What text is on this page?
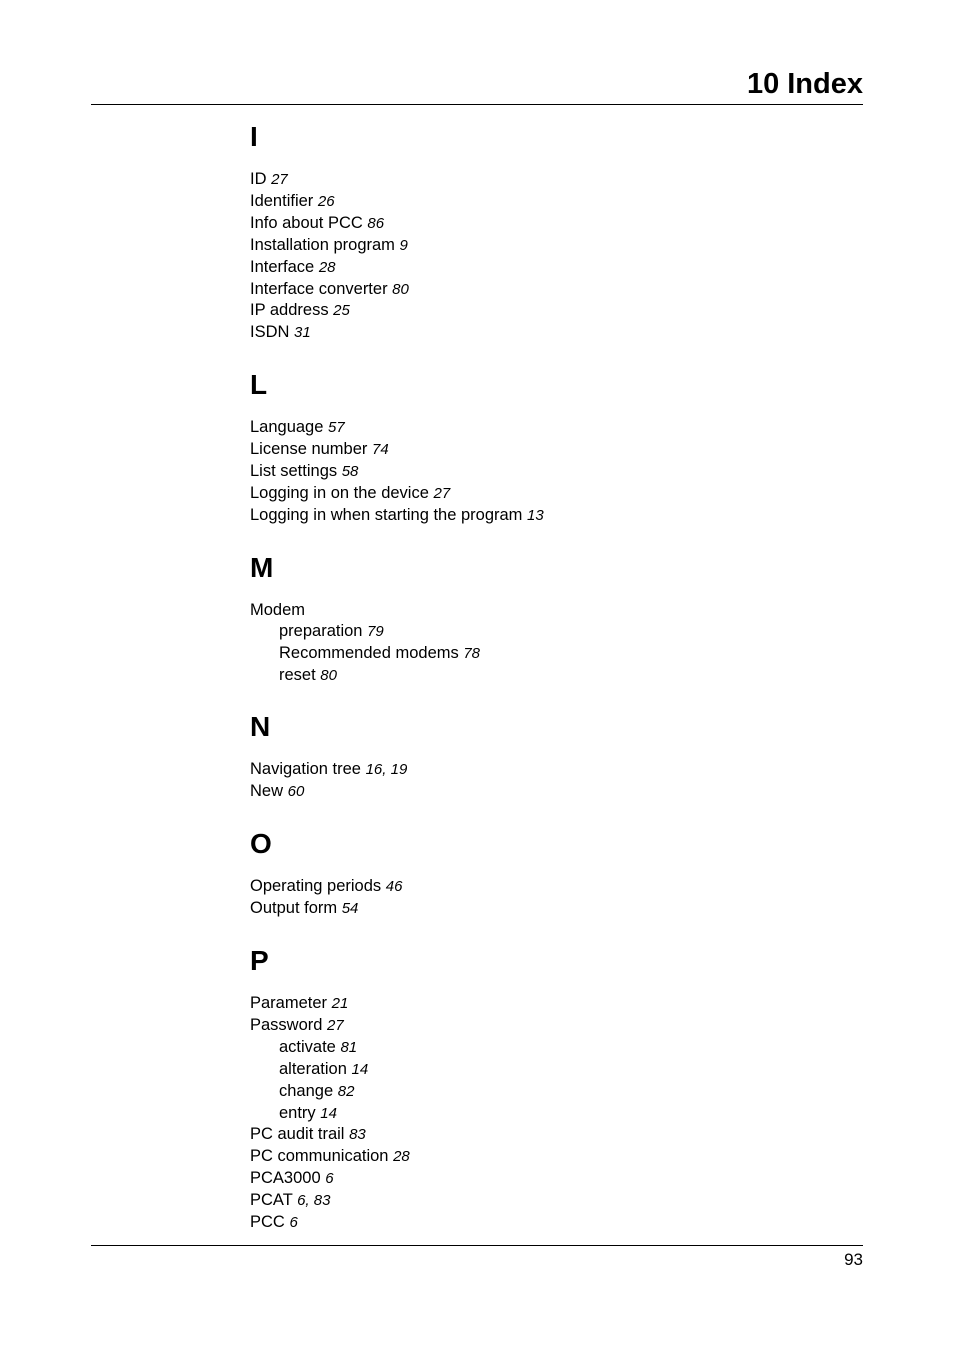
10 Index
I
ID 27
Identifier 26
Info about PCC 86
Installation program 9
Interface 28
Interface converter 80
IP address 25
ISDN 31
L
Language 57
License number 74
List settings 58
Logging in on the device 27
Logging in when starting the program 13
M
Modem
preparation 79
Recommended modems 78
reset 80
N
Navigation tree 16, 19
New 60
O
Operating periods 46
Output form 54
P
Parameter 21
Password 27
activate 81
alteration 14
change 82
entry 14
PC audit trail 83
PC communication 28
PCA3000 6
PCAT 6, 83
PCC 6
93
